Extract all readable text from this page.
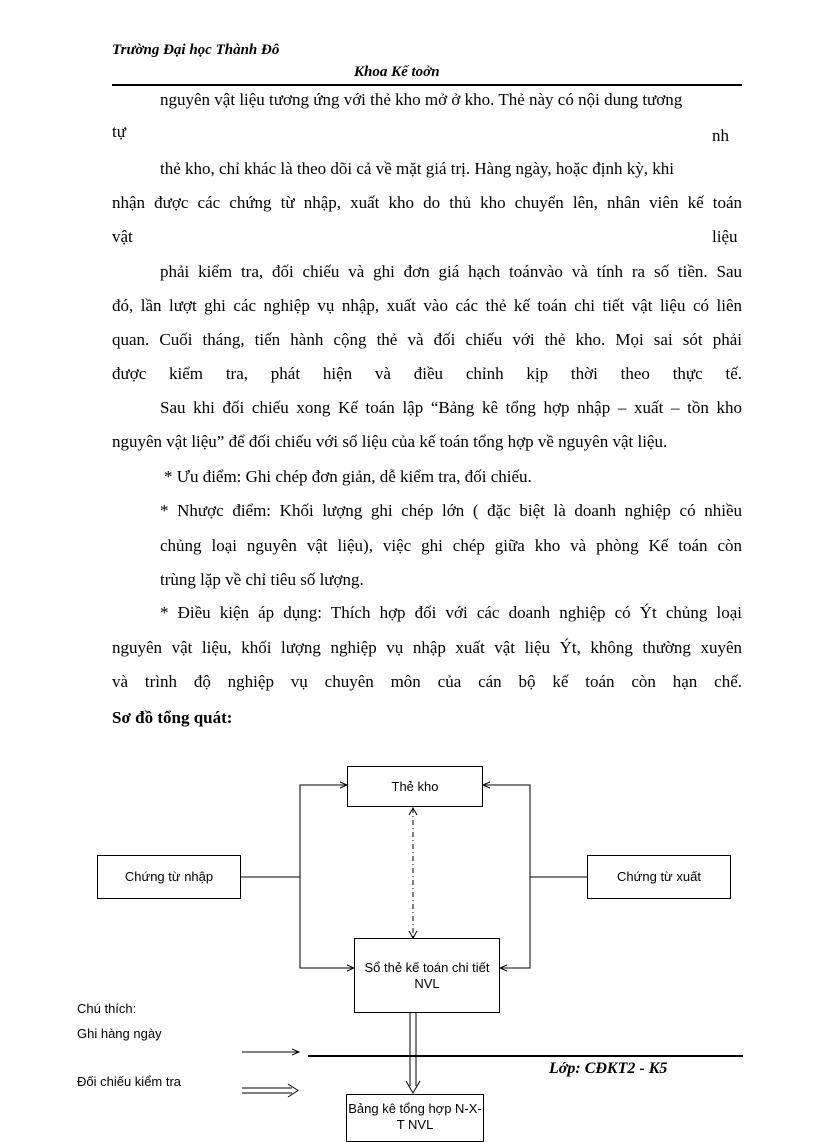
Trường Đại học Thành Đô
Khoa Kế toởn
nguyên vật liệu tương ứng với thẻ kho mở ở kho. Thẻ này có nội dung tương
tự	nh
thẻ kho, chỉ khác là theo dõi cả về mặt giá trị. Hàng ngày, hoặc định kỳ, khi
nhận được các chứng từ nhập, xuất kho do thủ kho chuyển lên, nhân viên kế toán
vật	liệu
phải kiểm tra, đối chiếu và ghi đơn giá hạch toánvào và tính ra số tiền. Sau
đó, lần lượt ghi các nghiệp vụ nhập, xuất vào các thẻ kế toán chi tiết vật liệu có liên
quan. Cuối tháng, tiến hành cộng thẻ và đối chiếu với thẻ kho. Mọi sai sót phải
được kiểm tra, phát hiện và điều chỉnh kịp thời theo thực tế.
Sau khi đối chiếu xong Kế toán lập “Bảng kê tổng hợp nhập – xuất – tồn kho
nguyên vật liệu” để đối chiếu với số liệu của kế toán tổng hợp về nguyên vật liệu.
* Ưu điểm: Ghi chép đơn giản, dễ kiểm tra, đối chiếu.
* Nhược điểm: Khối lượng ghi chép lớn ( đặc biệt là doanh nghiệp có nhiều
chủng loại nguyên vật liệu), việc ghi chép giữa kho và phòng Kế toán còn
trùng lặp về chỉ tiêu số lượng.
* Điều kiện áp dụng: Thích hợp đối với các doanh nghiệp có Ýt chủng loại
nguyên vật liệu, khối lượng nghiệp vụ nhập xuất vật liệu Ýt, không thường xuyên
và trình độ nghiệp vụ chuyên môn của cán bộ kế toán còn hạn chế.
Sơ đồ tổng quát:
Thẻ kho
Chứng từ nhập	Chứng từ xuất
Sổ thẻ kế toán chi tiết NVL
Lớp: CĐKT2 - K5
Bảng kê tổng hợp N-X-T NVL
Chú thích:
Ghi hàng ngày
Đối chiếu kiểm tra
